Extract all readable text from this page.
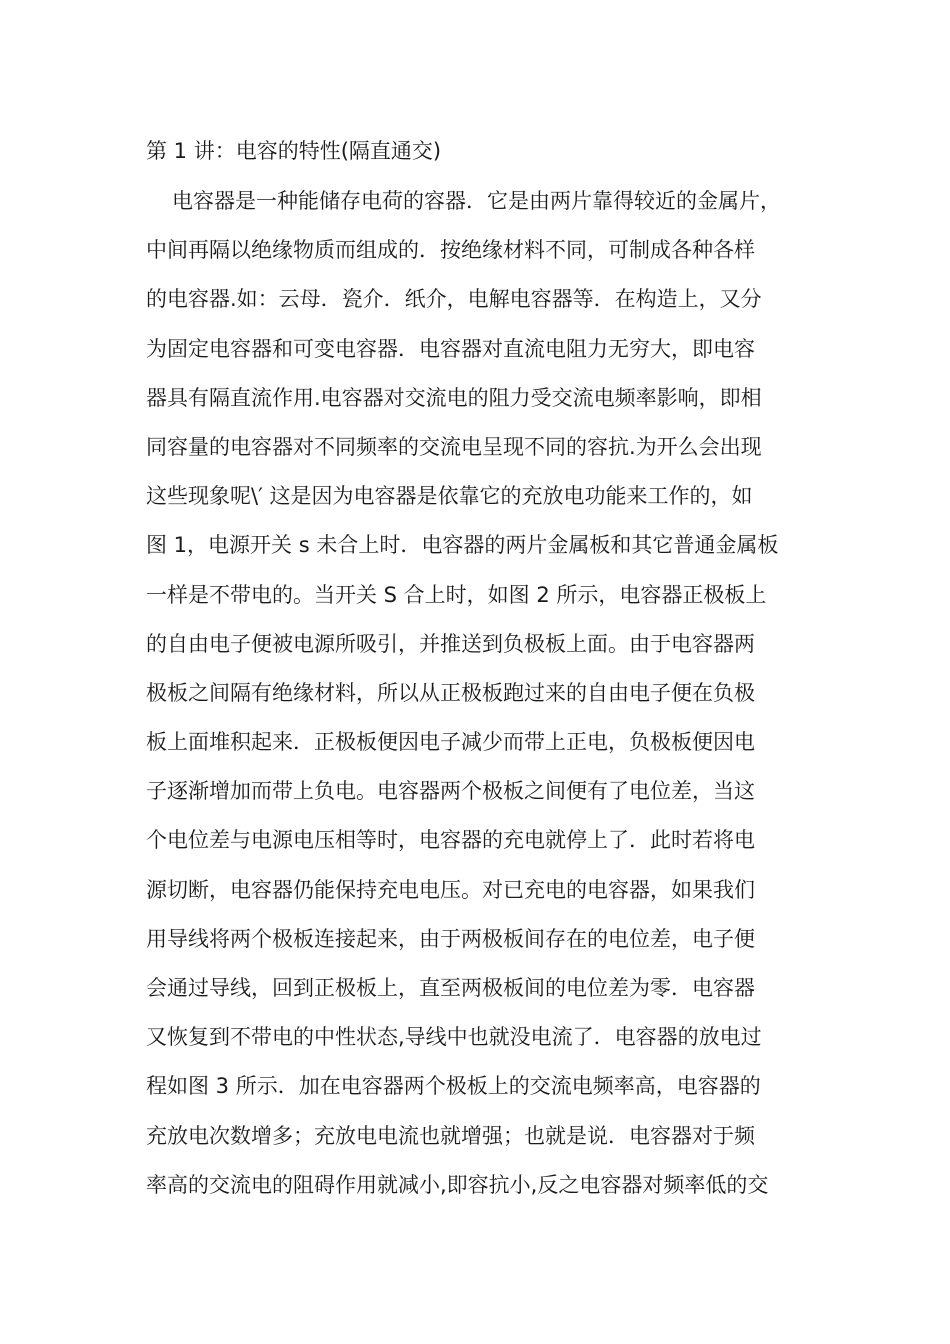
第 1 讲：电容的特性(隔直通交)
电容器是一种能储存电荷的容器．它是由两片靠得较近的金属片，
中间再隔以绝缘物质而组成的．按绝缘材料不同，可制成各种各样
的电容器.如：云母．瓷介．纸介，电解电容器等．在构造上，又分
为固定电容器和可变电容器．电容器对直流电阻力无穷大，即电容
器具有隔直流作用.电容器对交流电的阻力受交流电频率影响，即相
同容量的电容器对不同频率的交流电呈现不同的容抗.为开么会出现
这些现象呢\′ 这是因为电容器是依靠它的充放电功能来工作的，如
图 1，电源开关 s 未合上时．电容器的两片金属板和其它普通金属板
一样是不带电的。当开关 S 合上时，如图 2 所示，电容器正极板上
的自由电子便被电源所吸引，并推送到负极板上面。由于电容器两
极板之间隔有绝缘材料，所以从正极板跑过来的自由电子便在负极
板上面堆积起来．正极板便因电子减少而带上正电，负极板便因电
子逐渐增加而带上负电。电容器两个极板之间便有了电位差，当这
个电位差与电源电压相等时，电容器的充电就停上了．此时若将电
源切断，电容器仍能保持充电电压。对已充电的电容器，如果我们
用导线将两个极板连接起来，由于两极板间存在的电位差，电子便
会通过导线，回到正极板上，直至两极板间的电位差为零．电容器
又恢复到不带电的中性状态,导线中也就没电流了．电容器的放电过
程如图 3 所示．加在电容器两个极板上的交流电频率高，电容器的
充放电次数增多；充放电电流也就增强；也就是说．电容器对于频
率高的交流电的阻碍作用就减小,即容抗小,反之电容器对频率低的交
